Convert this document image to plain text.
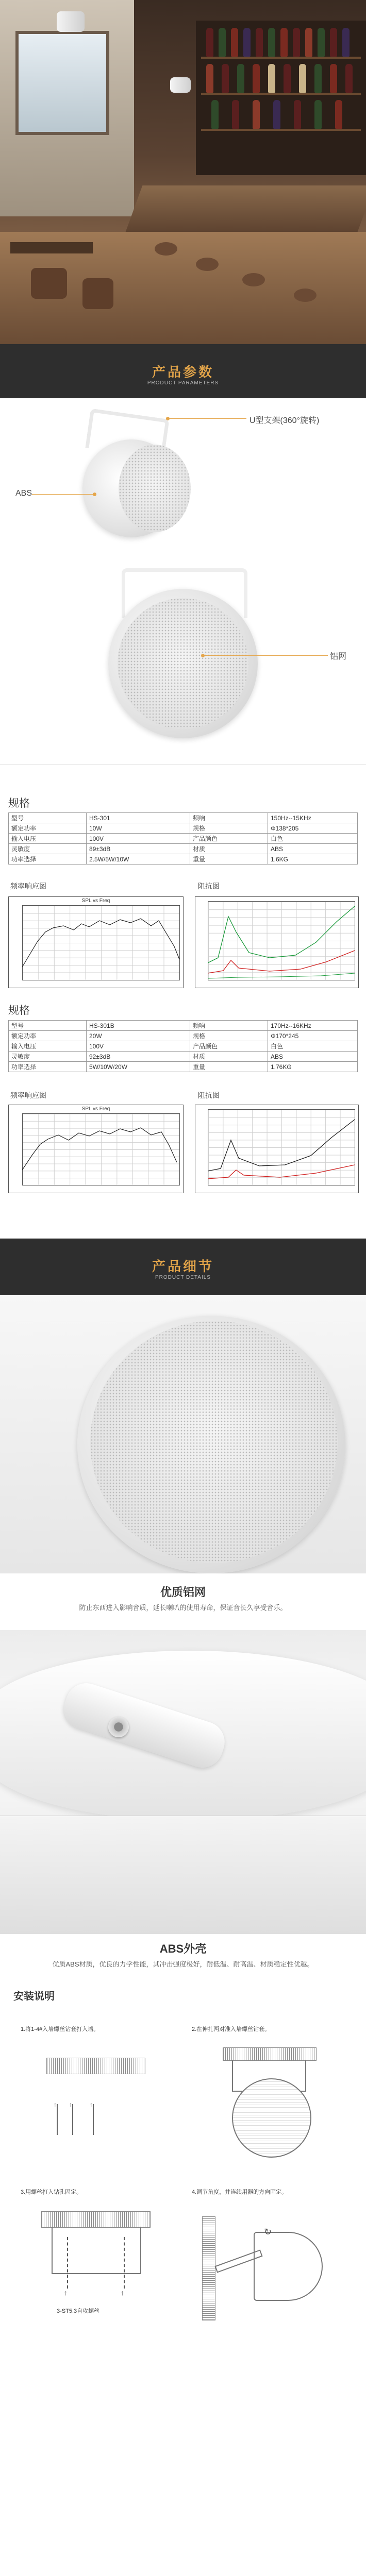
产品参数
PRODUCT PARAMETERS
U型支架(360°旋转)
ABS
铝网
规格
型号	HS-301	频响	150Hz--15KHz
额定功率	10W	规格	Φ138*205
输入电压	100V	产品颜色	白色
灵敏度	89±3dB	材质	ABS
功率选择	2.5W/5W/10W	重量	1.6KG
频率响应图	阻抗图
SPL vs Freq
规格
型号	HS-301B	频响	170Hz--16KHz
额定功率	20W	规格	Φ170*245
输入电压	100V	产品颜色	白色
灵敏度	92±3dB	材质	ABS
功率选择	5W/10W/20W	重量	1.76KG
频率响应图	阻抗图
SPL vs Freq
产品细节
PRODUCT DETAILS
优质铝网
防止东西进入影响音质，延长喇叭的使用寿命，保证音长久享受音乐。
ABS外壳
优质ABS材质，优良的力学性能，其冲击强度极好，耐低温、耐高温、材质稳定性优越。
安装说明
1.将1-4#入墙螺丝钻套打入墙。
↑ ↑	↑
2.在伸扎两对准入墙螺丝钻套。
3.用螺丝打入钻孔固定。
↑	↑
3-ST5.3自攻螺丝
4.调节角度，并连续用器的方向固定。
↻
